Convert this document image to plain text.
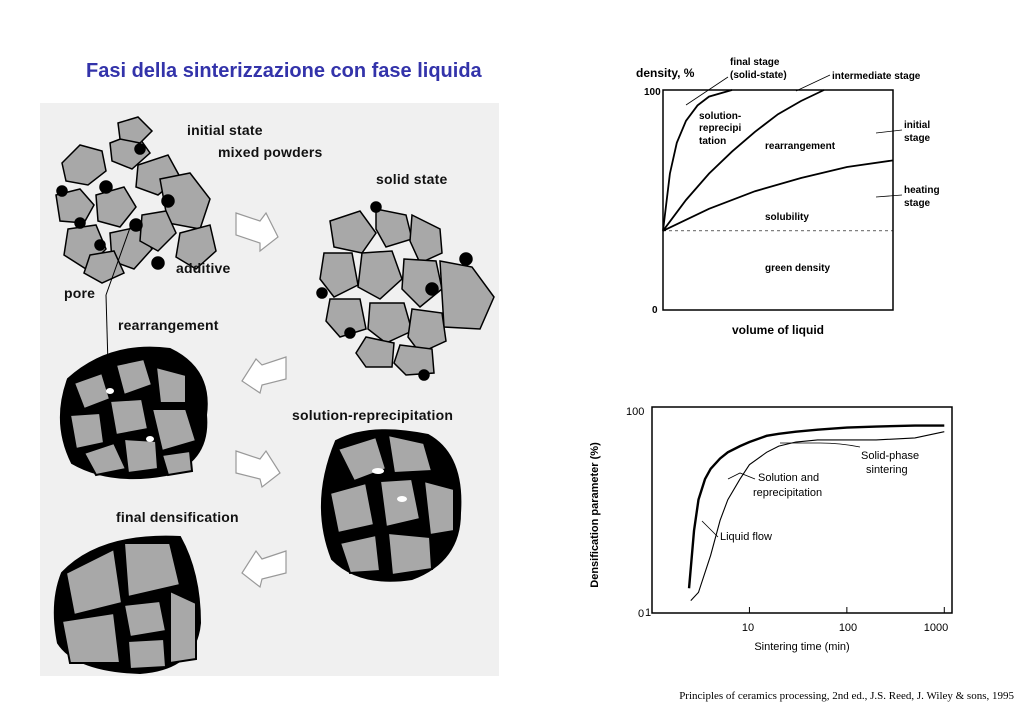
Fasi della sinterizzazione con fase liquida
initial state
mixed powders
solid state
additive
pore
rearrangement
solution-reprecipitation
final densification
density, %
100
0
volume of liquid
final stage
(solid-state)	intermediate stage
initial
stage
heating
stage
solution-
reprecipi
tation	rearrangement
solubility
green density
1
10	100	1000
100
0
Sintering time (min)
Densification parameter (%)	Solid-phase
sintering
Solution and
reprecipitation
Liquid flow
Principles of ceramics processing, 2nd ed., J.S. Reed, J. Wiley & sons, 1995
